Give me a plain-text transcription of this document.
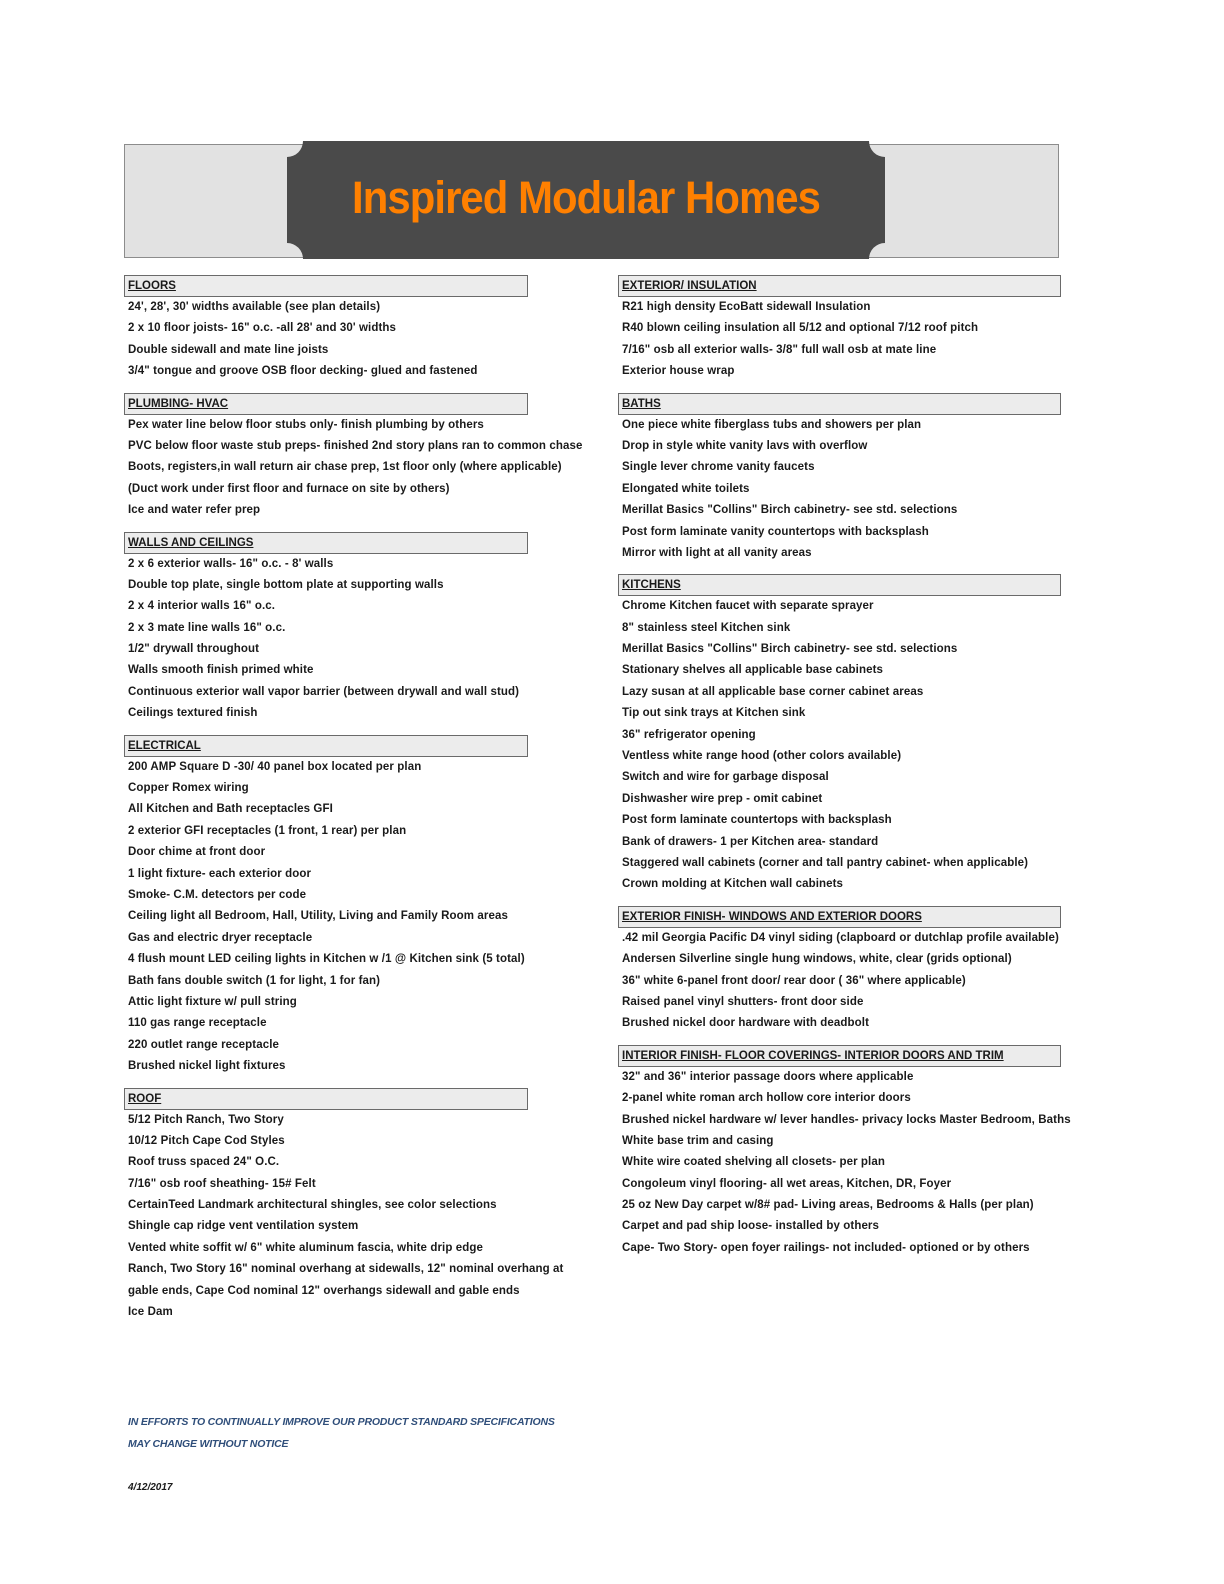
Inspired Modular Homes
FLOORS
24', 28', 30' widths available (see plan details)
2 x 10 floor joists- 16" o.c. -all 28' and 30' widths
Double sidewall and mate line joists
3/4" tongue and groove OSB floor decking- glued and fastened
PLUMBING- HVAC
Pex water line below floor stubs only- finish plumbing by others
PVC below floor waste stub preps- finished 2nd story plans ran to common chase
Boots, registers,in wall return air chase prep, 1st floor only (where applicable)
(Duct work under first floor and furnace on site by others)
Ice and water refer prep
WALLS AND CEILINGS
2 x 6 exterior walls- 16" o.c. - 8' walls
Double top plate, single bottom plate at supporting walls
2 x 4 interior walls 16" o.c.
2 x 3 mate line walls 16" o.c.
1/2" drywall throughout
Walls smooth finish primed white
Continuous exterior wall vapor barrier (between drywall and wall stud)
Ceilings textured finish
ELECTRICAL
200 AMP Square D -30/ 40 panel box located per plan
Copper Romex wiring
All Kitchen and Bath receptacles GFI
2 exterior GFI receptacles (1 front, 1 rear) per plan
Door chime at front door
1 light fixture- each exterior door
Smoke- C.M. detectors per code
Ceiling light all Bedroom, Hall, Utility, Living and Family Room areas
Gas and electric dryer receptacle
4 flush mount LED ceiling lights in Kitchen w /1 @ Kitchen sink (5 total)
Bath fans double switch (1 for light, 1 for fan)
Attic light fixture w/ pull string
110 gas range receptacle
220 outlet range receptacle
Brushed nickel light fixtures
ROOF
5/12 Pitch Ranch, Two Story
10/12 Pitch Cape Cod Styles
Roof truss spaced 24" O.C.
7/16" osb roof sheathing- 15# Felt
CertainTeed Landmark architectural shingles, see color selections
Shingle cap ridge vent ventilation system
Vented white soffit w/ 6" white aluminum fascia, white drip edge
Ranch, Two Story 16" nominal overhang at sidewalls, 12" nominal overhang at
gable ends, Cape Cod nominal 12" overhangs sidewall and gable ends
Ice Dam
EXTERIOR/ INSULATION
R21 high density EcoBatt sidewall Insulation
R40 blown ceiling insulation all 5/12 and optional 7/12 roof pitch
7/16" osb all exterior walls- 3/8" full wall osb at mate line
Exterior house wrap
BATHS
One piece white fiberglass tubs and showers per plan
Drop in style white vanity lavs with overflow
Single lever chrome vanity faucets
Elongated white toilets
Merillat Basics "Collins" Birch cabinetry- see std. selections
Post form laminate vanity countertops with backsplash
Mirror with light at all vanity areas
KITCHENS
Chrome Kitchen faucet with separate sprayer
8" stainless steel Kitchen sink
Merillat Basics "Collins" Birch cabinetry- see std. selections
Stationary shelves all applicable base cabinets
Lazy susan at all applicable base corner cabinet areas
Tip out sink trays at Kitchen sink
36" refrigerator opening
Ventless white range hood (other colors available)
Switch and wire for garbage disposal
Dishwasher wire prep - omit cabinet
Post form laminate countertops with backsplash
Bank of drawers- 1 per Kitchen area- standard
Staggered wall cabinets (corner and tall pantry cabinet- when applicable)
Crown molding at Kitchen wall cabinets
EXTERIOR FINISH- WINDOWS AND EXTERIOR DOORS
.42 mil Georgia Pacific D4 vinyl siding (clapboard or dutchlap profile available)
Andersen Silverline single hung windows, white, clear (grids optional)
36" white 6-panel front door/ rear door ( 36" where applicable)
Raised panel vinyl shutters- front door side
Brushed nickel door hardware with deadbolt
INTERIOR FINISH- FLOOR COVERINGS- INTERIOR DOORS AND TRIM
32" and 36" interior passage doors where applicable
2-panel white roman arch hollow core interior doors
Brushed nickel hardware w/ lever handles- privacy locks Master Bedroom, Baths
White base trim and casing
White wire coated shelving all closets- per plan
Congoleum vinyl flooring- all wet areas, Kitchen, DR, Foyer
25 oz New Day carpet w/8# pad- Living areas, Bedrooms & Halls (per plan)
Carpet and pad ship loose- installed by others
Cape- Two Story- open foyer railings- not included- optioned or by others
IN EFFORTS TO CONTINUALLY IMPROVE OUR PRODUCT STANDARD SPECIFICATIONS
MAY CHANGE WITHOUT NOTICE
4/12/2017
